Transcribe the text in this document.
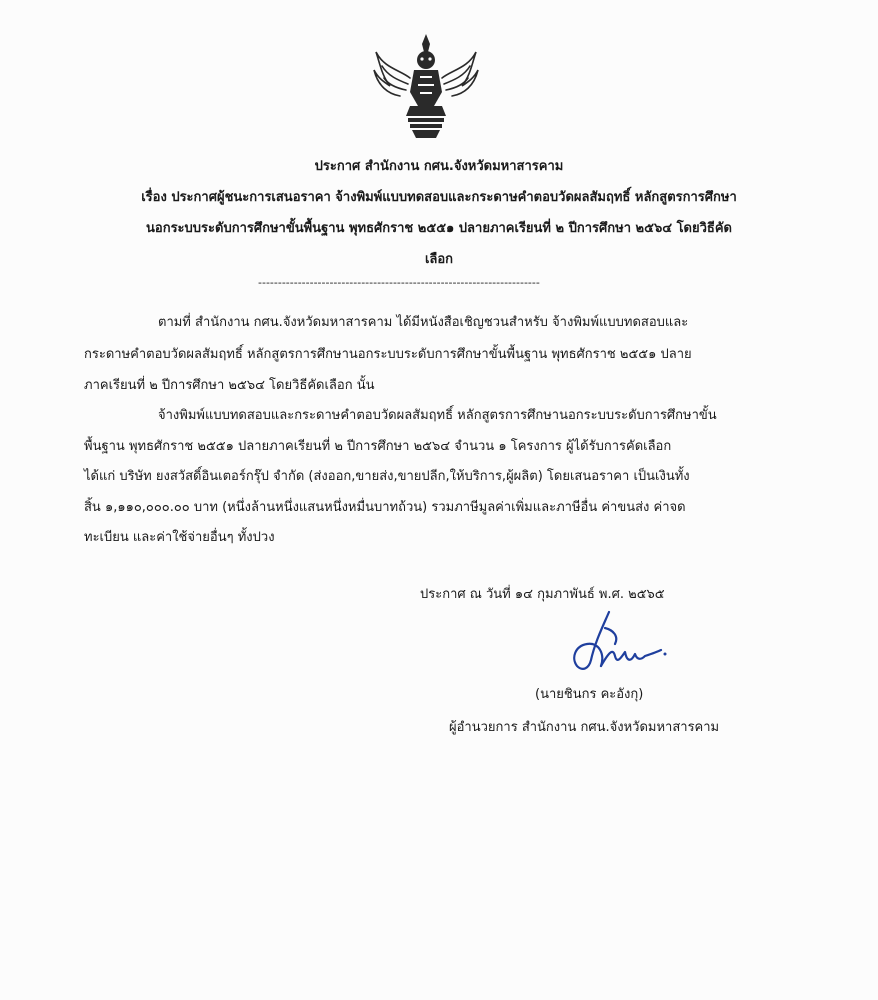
ประกาศ สำนักงาน กศน.จังหวัดมหาสารคาม
เรื่อง ประกาศผู้ชนะการเสนอราคา จ้างพิมพ์แบบทดสอบและกระดาษคำตอบวัดผลสัมฤทธิ์ หลักสูตรการศึกษา
นอกระบบระดับการศึกษาขั้นพื้นฐาน พุทธศักราช ๒๕๕๑ ปลายภาคเรียนที่ ๒ ปีการศึกษา ๒๕๖๔ โดยวิธีคัด
เลือก
-----------------------------------------------------------------------
ตามที่ สำนักงาน กศน.จังหวัดมหาสารคาม ได้มีหนังสือเชิญชวนสำหรับ จ้างพิมพ์แบบทดสอบและ
กระดาษคำตอบวัดผลสัมฤทธิ์ หลักสูตรการศึกษานอกระบบระดับการศึกษาขั้นพื้นฐาน พุทธศักราช ๒๕๕๑ ปลาย
ภาคเรียนที่ ๒ ปีการศึกษา ๒๕๖๔ โดยวิธีคัดเลือก นั้น
จ้างพิมพ์แบบทดสอบและกระดาษคำตอบวัดผลสัมฤทธิ์ หลักสูตรการศึกษานอกระบบระดับการศึกษาขั้น
พื้นฐาน พุทธศักราช ๒๕๕๑ ปลายภาคเรียนที่ ๒ ปีการศึกษา ๒๕๖๔ จำนวน ๑ โครงการ ผู้ได้รับการคัดเลือก
ได้แก่ บริษัท ยงสวัสดิ์อินเตอร์กรุ๊ป จำกัด (ส่งออก,ขายส่ง,ขายปลีก,ให้บริการ,ผู้ผลิต) โดยเสนอราคา เป็นเงินทั้ง
สิ้น ๑,๑๑๐,๐๐๐.๐๐ บาท (หนึ่งล้านหนึ่งแสนหนึ่งหมื่นบาทถ้วน) รวมภาษีมูลค่าเพิ่มและภาษีอื่น ค่าขนส่ง ค่าจด
ทะเบียน และค่าใช้จ่ายอื่นๆ ทั้งปวง
ประกาศ ณ วันที่ ๑๔ กุมภาพันธ์ พ.ศ. ๒๕๖๕
(นายชินกร คะอังกุ)
ผู้อำนวยการ สำนักงาน กศน.จังหวัดมหาสารคาม
